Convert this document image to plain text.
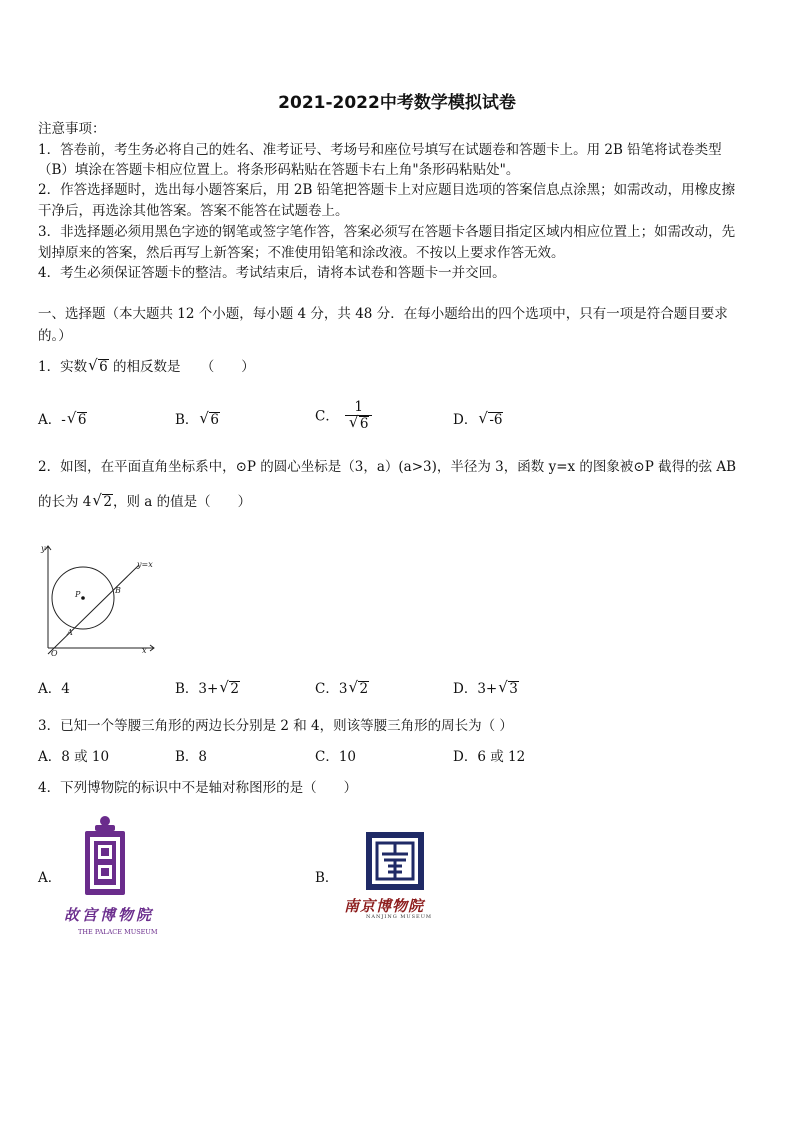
2021-2022中考数学模拟试卷
注意事项：
1．答卷前，考生务必将自己的姓名、准考证号、考场号和座位号填写在试题卷和答题卡上。用 2B 铅笔将试卷类型
（B）填涂在答题卡相应位置上。将条形码粘贴在答题卡右上角"条形码粘贴处"。
2．作答选择题时，选出每小题答案后，用 2B 铅笔把答题卡上对应题目选项的答案信息点涂黑；如需改动，用橡皮擦
干净后，再选涂其他答案。答案不能答在试题卷上。
3．非选择题必须用黑色字迹的钢笔或签字笔作答，答案必须写在答题卡各题目指定区域内相应位置上；如需改动，先
划掉原来的答案，然后再写上新答案；不准使用铅笔和涂改液。不按以上要求作答无效。
4．考生必须保证答题卡的整洁。考试结束后，请将本试卷和答题卡一并交回。
一、选择题（本大题共 12 个小题，每小题 4 分，共 48 分．在每小题给出的四个选项中，只有一项是符合题目要求
的。）
1．实数 √ 6 的相反数是　　（　　）
A．- √ 6	B． √ 6	C． 1
√ 6	D． √ -6
2．如图，在平面直角坐标系中，⊙P 的圆心坐标是（3，a）(a>3)，半径为 3，函数 y=x 的图象被⊙P 截得的弦 AB
的长为 4 √ 2，则 a 的值是（　　）
y
x
O
P
A
B
y=x
A．4	B．3+ √ 2	C．3 √ 2	D．3+ √ 3
3．已知一个等腰三角形的两边长分别是 2 和 4，则该等腰三角形的周长为（ ）
A．8 或 10	B．8	C．10	D．6 或 12
4．下列博物院的标识中不是轴对称图形的是（　　）
A．
故宫博物院
THE PALACE MUSEUM
B．
南京博物院
NANJING MUSEUM
